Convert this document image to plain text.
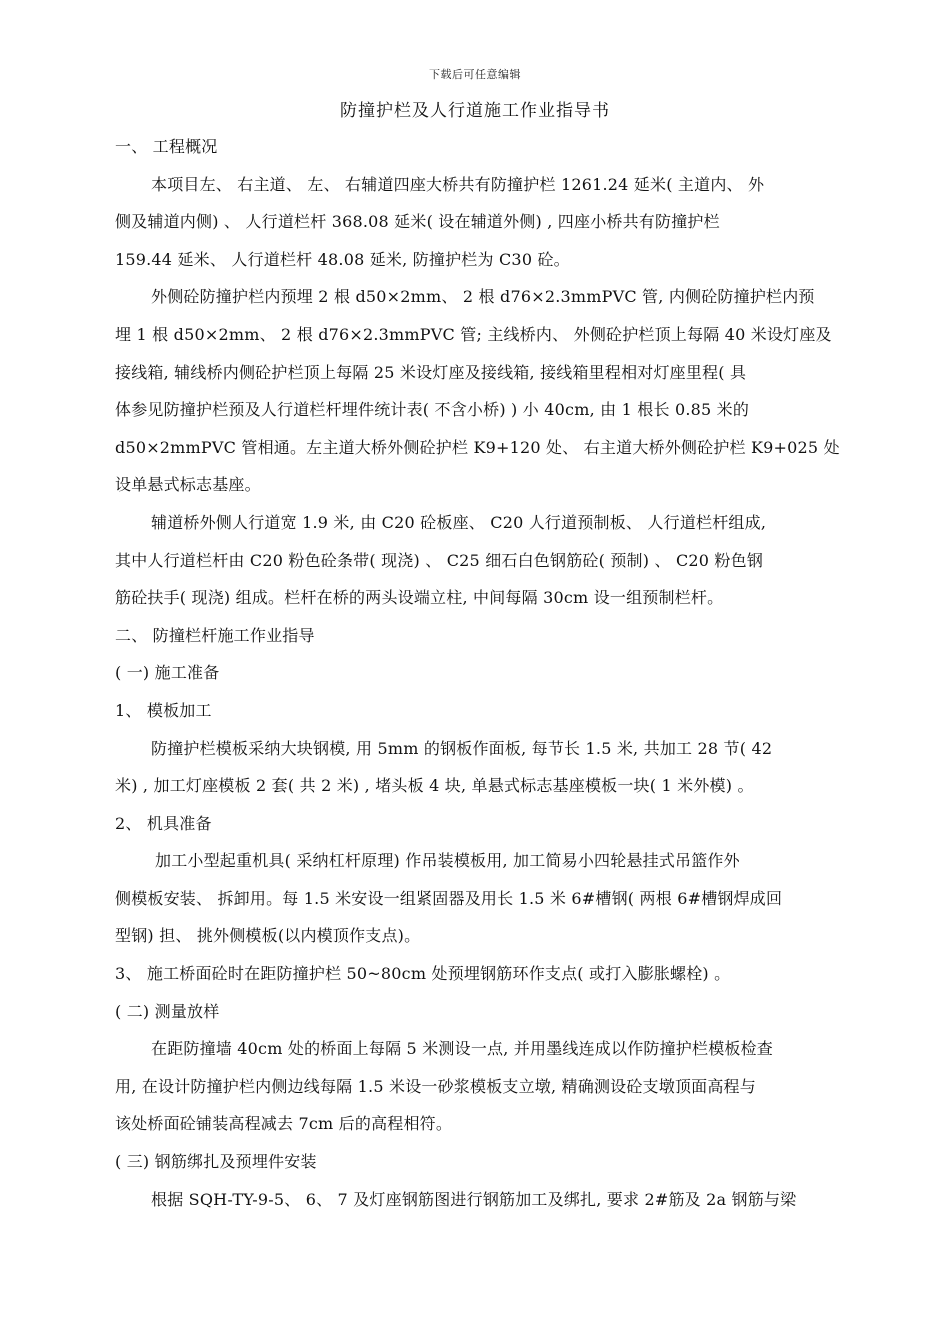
下载后可任意编辑
防撞护栏及人行道施工作业指导书
一、 工程概况
本项目左、 右主道、 左、 右辅道四座大桥共有防撞护栏 1261.24 延米( 主道内、 外
侧及辅道内侧) 、 人行道栏杆 368.08 延米( 设在辅道外侧) , 四座小桥共有防撞护栏
159.44 延米、 人行道栏杆 48.08 延米, 防撞护栏为 C30 砼。
外侧砼防撞护栏内预埋 2 根 d50×2mm、 2 根 d76×2.3mmPVC 管, 内侧砼防撞护栏内预
埋 1 根 d50×2mm、 2 根 d76×2.3mmPVC 管; 主线桥内、 外侧砼护栏顶上每隔 40 米设灯座及
接线箱, 辅线桥内侧砼护栏顶上每隔 25 米设灯座及接线箱, 接线箱里程相对灯座里程( 具
体参见防撞护栏预及人行道栏杆埋件统计表( 不含小桥) ) 小 40cm, 由 1 根长 0.85 米的
d50×2mmPVC 管相通。左主道大桥外侧砼护栏 K9+120 处、 右主道大桥外侧砼护栏 K9+025 处
设单悬式标志基座。
辅道桥外侧人行道宽 1.9 米, 由 C20 砼板座、 C20 人行道预制板、 人行道栏杆组成,
其中人行道栏杆由 C20 粉色砼条带( 现浇) 、 C25 细石白色钢筋砼( 预制) 、 C20 粉色钢
筋砼扶手( 现浇) 组成。栏杆在桥的两头设端立柱, 中间每隔 30cm 设一组预制栏杆。
二、 防撞栏杆施工作业指导
( 一) 施工准备
1、 模板加工
防撞护栏模板采纳大块钢模, 用 5mm 的钢板作面板, 每节长 1.5 米, 共加工 28 节( 42
米) , 加工灯座模板 2 套( 共 2 米) , 堵头板 4 块, 单悬式标志基座模板一块( 1 米外模) 。
2、 机具准备
加工小型起重机具( 采纳杠杆原理) 作吊装模板用, 加工简易小四轮悬挂式吊篮作外
侧模板安装、 拆卸用。每 1.5 米安设一组紧固器及用长 1.5 米 6#槽钢( 两根 6#槽钢焊成回
型钢) 担、 挑外侧模板(以内模顶作支点)。
3、 施工桥面砼时在距防撞护栏 50~80cm 处预埋钢筋环作支点( 或打入膨胀螺栓) 。
( 二) 测量放样
在距防撞墙 40cm 处的桥面上每隔 5 米测设一点, 并用墨线连成以作防撞护栏模板检查
用, 在设计防撞护栏内侧边线每隔 1.5 米设一砂浆模板支立墩, 精确测设砼支墩顶面高程与
该处桥面砼铺装高程减去 7cm 后的高程相符。
( 三) 钢筋绑扎及预埋件安装
根据 SQH-TY-9-5、 6、 7 及灯座钢筋图进行钢筋加工及绑扎, 要求 2#筋及 2a 钢筋与梁
